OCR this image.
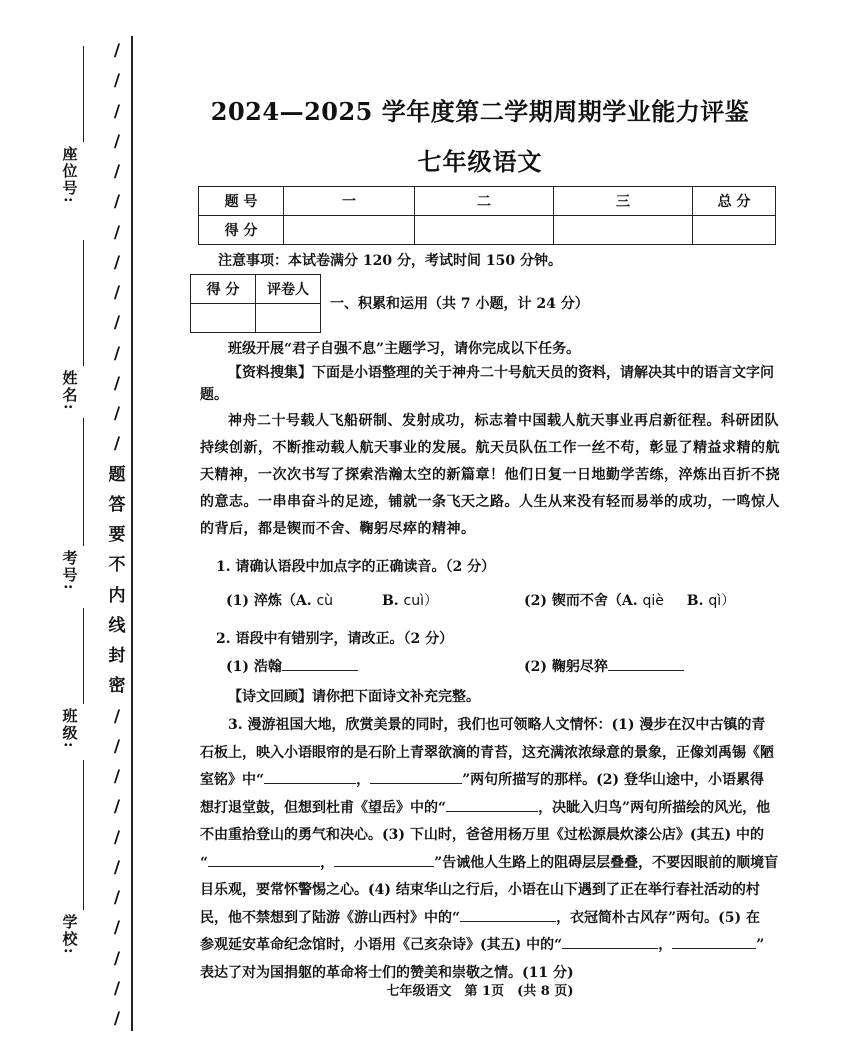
座位号:
姓名:
考号:
班级:
学校:
/
/
/
/
/
/
/
/
/
/
/
/
/
/
题
答
要
不
内
线
封
密
/
/
/
/
/
/
/
/
/
/
/
2024—2025 学年度第二学期周期学业能力评鉴
七年级语文
题 号	一	二	三	总 分
得 分				
注意事项：本试卷满分 120 分，考试时间 150 分钟。
得 分	评卷人

一、积累和运用（共 7 小题，计 24 分）
班级开展“君子自强不息”主题学习，请你完成以下任务。
【资料搜集】下面是小语整理的关于神舟二十号航天员的资料，请解决其中的语言文字问题。
神舟二十号载人飞船研制、发射成功，标志着中国载人航天事业再启新征程。科研团队持续创新，不断推动载人航天事业的发展。航天员队伍工作一丝不苟，彰显了精益求精的航天精神，一次次书写了探索浩瀚太空的新篇章！他们日复一日地勤学苦练，淬炼出百折不挠的意志。一串串奋斗的足迹，铺就一条飞天之路。人生从来没有轻而易举的成功，一鸣惊人的背后，都是锲而不舍、鞠躬尽瘁的精神。
1. 请确认语段中加点字的正确读音。（2 分）
(1) 淬炼（A. cù	B. cuì）	(2) 锲而不舍（A. qiè B. qì）
2. 语段中有错别字，请改正。（2 分）
(1) 浩翰	(2) 鞠躬尽猝
【诗文回顾】请你把下面诗文补充完整。
3. 漫游祖国大地，欣赏美景的同时，我们也可领略人文情怀：(1) 漫步在汉中古镇的青
石板上，映入小语眼帘的是石阶上青翠欲滴的青苔，这充满浓浓绿意的景象，正像刘禹锡《陋
室铭》中“	，	”两句所描写的那样。(2) 登华山途中，小语累得
想打退堂鼓，但想到杜甫《望岳》中的“	，决眦入归鸟”两句所描绘的风光，他
不由重拾登山的勇气和决心。(3) 下山时，爸爸用杨万里《过松源晨炊漆公店》(其五) 中的
“	，	”告诫他人生路上的阻碍层层叠叠，不要因眼前的顺境盲
目乐观，要常怀警惕之心。(4) 结束华山之行后，小语在山下遇到了正在举行春社活动的村
民，他不禁想到了陆游《游山西村》中的“	，衣冠简朴古风存”两句。(5) 在
参观延安革命纪念馆时，小语用《己亥杂诗》(其五) 中的“	，	”
表达了对为国捐躯的革命将士们的赞美和崇敬之情。(11 分)
七年级语文　第 1页　(共 8 页)
